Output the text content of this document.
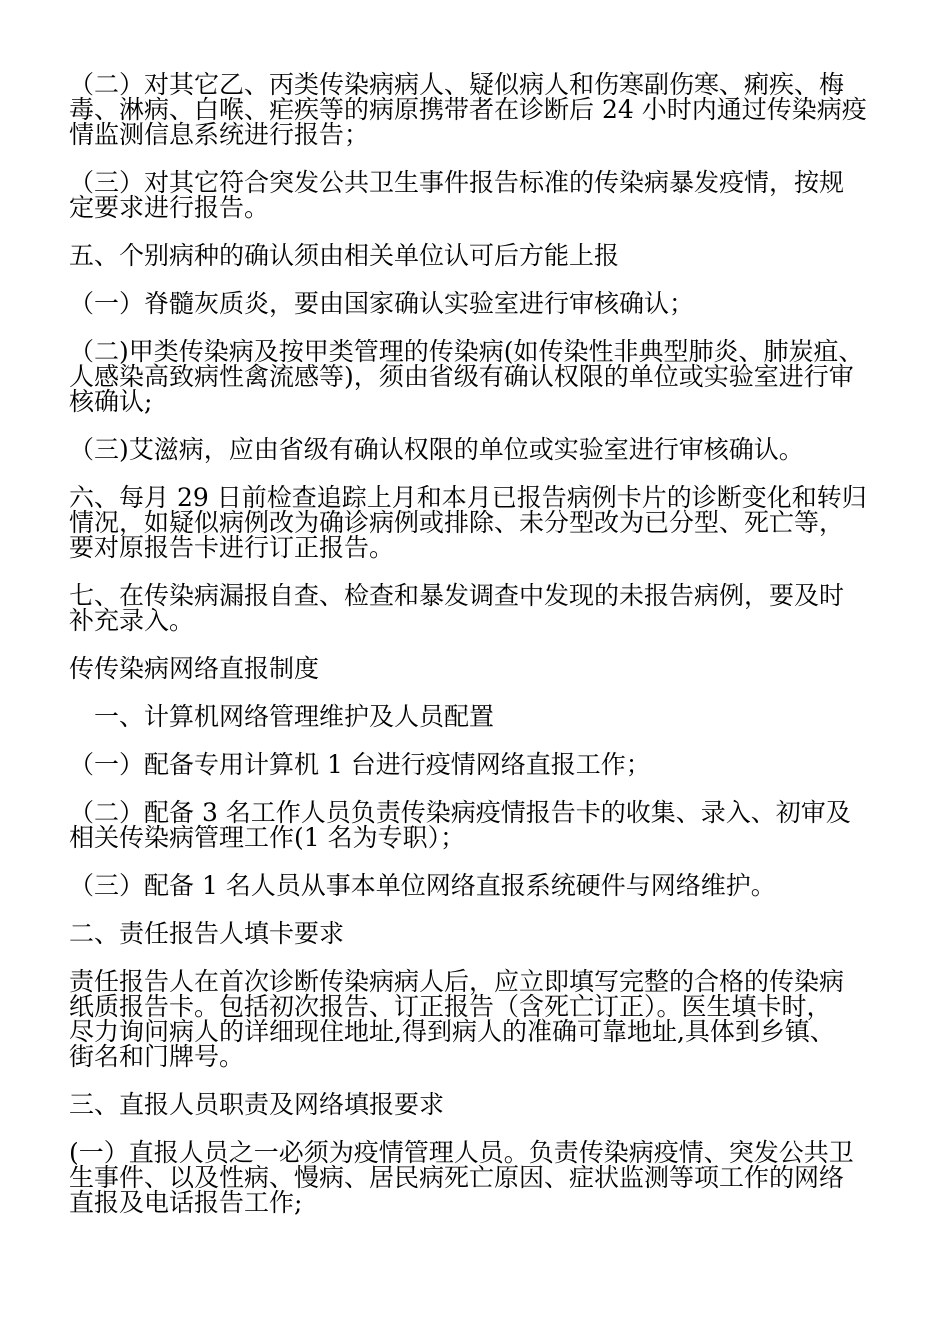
（二）对其它乙、丙类传染病病人、疑似病人和伤寒副伤寒、痢疾、梅
毒、淋病、白喉、疟疾等的病原携带者在诊断后 24 小时内通过传染病疫
情监测信息系统进行报告；
（三）对其它符合突发公共卫生事件报告标准的传染病暴发疫情，按规
定要求进行报告。
五、个别病种的确认须由相关单位认可后方能上报
（一）脊髓灰质炎，要由国家确认实验室进行审核确认；
（二)甲类传染病及按甲类管理的传染病(如传染性非典型肺炎、肺炭疽、
人感染高致病性禽流感等)，须由省级有确认权限的单位或实验室进行审
核确认;
（三)艾滋病，应由省级有确认权限的单位或实验室进行审核确认。
六、每月 29 日前检查追踪上月和本月已报告病例卡片的诊断变化和转归
情况，如疑似病例改为确诊病例或排除、未分型改为已分型、死亡等，
要对原报告卡进行订正报告。
七、在传染病漏报自查、检查和暴发调查中发现的未报告病例，要及时
补充录入。
传传染病网络直报制度
一、计算机网络管理维护及人员配置
（一）配备专用计算机 1 台进行疫情网络直报工作；
（二）配备 3 名工作人员负责传染病疫情报告卡的收集、录入、初审及
相关传染病管理工作(1 名为专职）；
（三）配备 1 名人员从事本单位网络直报系统硬件与网络维护。
二、责任报告人填卡要求
责任报告人在首次诊断传染病病人后，应立即填写完整的合格的传染病
纸质报告卡。包括初次报告、订正报告（含死亡订正）。医生填卡时，
尽力询问病人的详细现住地址,得到病人的准确可靠地址,具体到乡镇、
街名和门牌号。
三、直报人员职责及网络填报要求
(一）直报人员之一必须为疫情管理人员。负责传染病疫情、突发公共卫
生事件、以及性病、慢病、居民病死亡原因、症状监测等项工作的网络
直报及电话报告工作;
